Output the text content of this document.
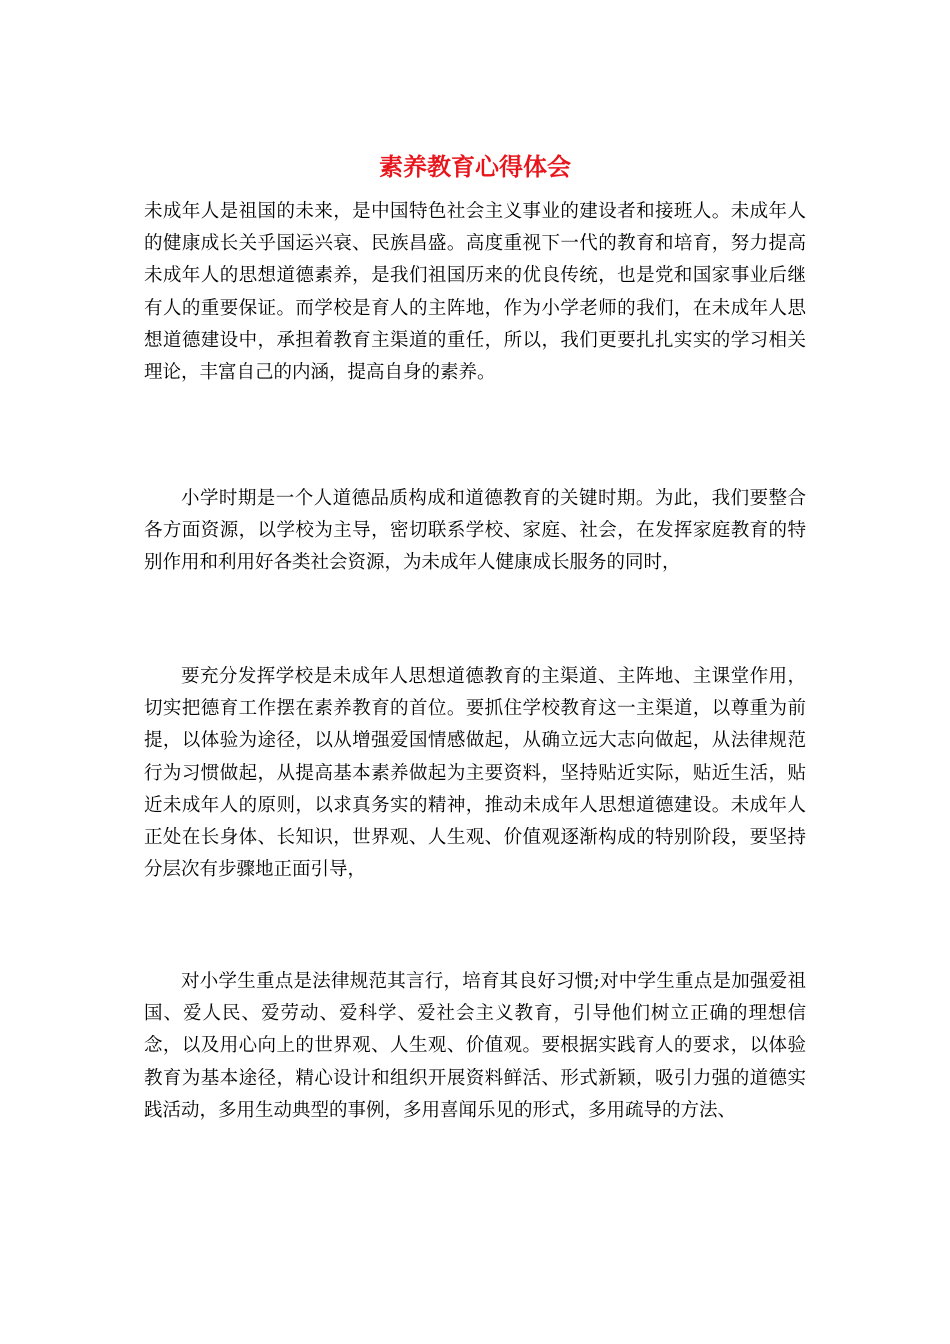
素养教育心得体会

未成年人是祖国的未来，是中国特色社会主义事业的建设者和接班人。未成年人的健康成长关乎国运兴衰、民族昌盛。高度重视下一代的教育和培育，努力提高未成年人的思想道德素养，是我们祖国历来的优良传统，也是党和国家事业后继有人的重要保证。而学校是育人的主阵地，作为小学老师的我们，在未成年人思想道德建设中，承担着教育主渠道的重任，所以，我们更要扎扎实实的学习相关理论，丰富自己的内涵，提高自身的素养。

小学时期是一个人道德品质构成和道德教育的关键时期。为此，我们要整合各方面资源，以学校为主导，密切联系学校、家庭、社会，在发挥家庭教育的特别作用和利用好各类社会资源，为未成年人健康成长服务的同时，

要充分发挥学校是未成年人思想道德教育的主渠道、主阵地、主课堂作用，切实把德育工作摆在素养教育的首位。要抓住学校教育这一主渠道，以尊重为前提，以体验为途径，以从增强爱国情感做起，从确立远大志向做起，从法律规范行为习惯做起，从提高基本素养做起为主要资料，坚持贴近实际，贴近生活，贴近未成年人的原则，以求真务实的精神，推动未成年人思想道德建设。未成年人正处在长身体、长知识，世界观、人生观、价值观逐渐构成的特别阶段，要坚持分层次有步骤地正面引导，

对小学生重点是法律规范其言行，培育其良好习惯;对中学生重点是加强爱祖国、爱人民、爱劳动、爱科学、爱社会主义教育，引导他们树立正确的理想信念，以及用心向上的世界观、人生观、价值观。要根据实践育人的要求，以体验教育为基本途径，精心设计和组织开展资料鲜活、形式新颖，吸引力强的道德实践活动，多用生动典型的事例，多用喜闻乐见的形式，多用疏导的方法、
